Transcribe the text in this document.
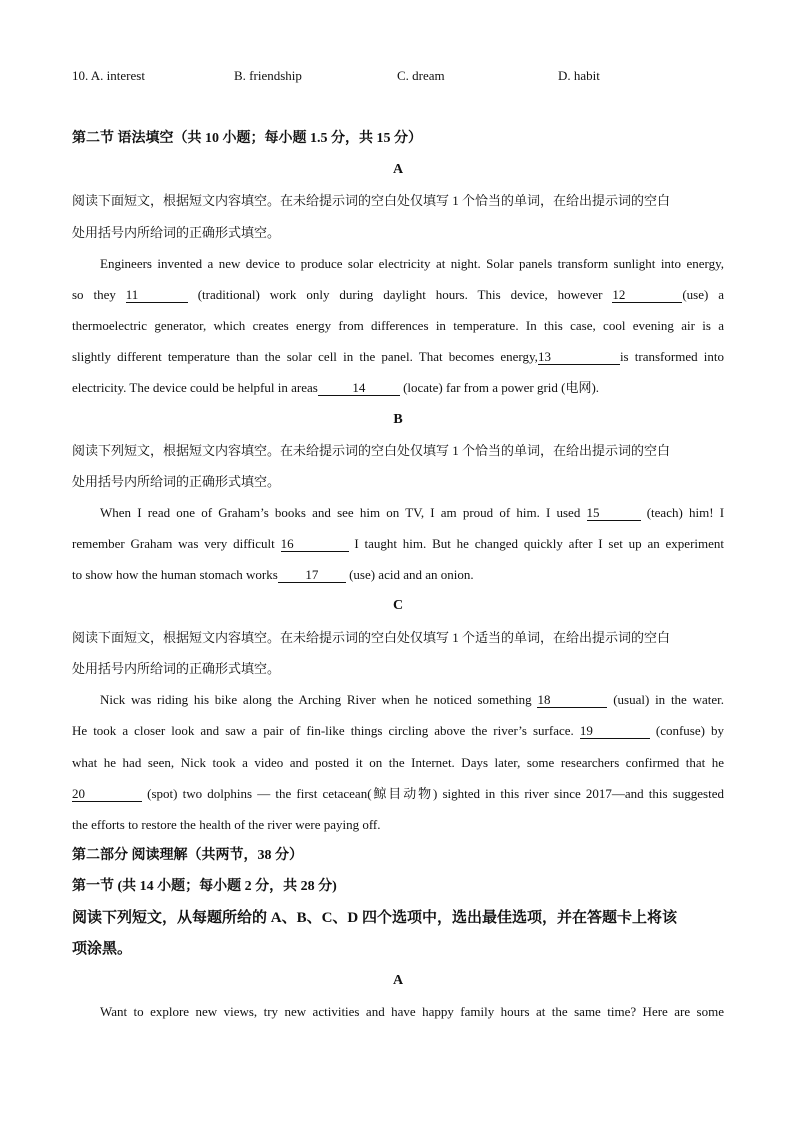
10. A. interest	B. friendship	C. dream	D. habit
第二节 语法填空（共 10 小题；每小题 1.5 分，共 15 分）
A
阅读下面短文，根据短文内容填空。在未给提示词的空白处仅填写 1 个恰当的单词，在给出提示词的空白
处用括号内所给词的正确形式填空。
Engineers invented a new device to produce solar electricity at night. Solar panels transform sunlight into energy,
so they 11	(traditional) work only during daylight hours. This device, however 12	(use) a
thermoelectric generator, which creates energy from differences in temperature. In this case, cool evening air is a
slightly different temperature than the solar cell in the panel. That becomes energy,13	is transformed into
electricity. The device could be helpful in areas	14	(locate) far from a power grid (电网).
B
阅读下列短文，根据短文内容填空。在未给提示词的空白处仅填写 1 个恰当的单词，在给出提示词的空白
处用括号内所给词的正确形式填空。
When I read one of Graham’s books and see him on TV, I am proud of him. I used 15	(teach) him! I
remember Graham was very difficult 16	I taught him. But he changed quickly after I set up an experiment
to show how the human stomach works 17 (use) acid and an onion.
C
阅读下面短文，根据短文内容填空。在未给提示词的空白处仅填写 1 个适当的单词，在给出提示词的空白
处用括号内所给词的正确形式填空。
Nick was riding his bike along the Arching River when he noticed something 18	(usual) in the water.
He took a closer look and saw a pair of fin-like things circling above the river’s surface. 19	(confuse) by
what he had seen, Nick took a video and posted it on the Internet. Days later, some researchers confirmed that he
20	(spot) two dolphins — the first cetacean(鲸目动物) sighted in this river since 2017—and this suggested
the efforts to restore the health of the river were paying off.
第二部分 阅读理解（共两节，38 分）
第一节 (共 14 小题；每小题 2 分，共 28 分)
阅读下列短文，从每题所给的 A、B、C、D 四个选项中，选出最佳选项，并在答题卡上将该
项涂黑。
A
Want to explore new views, try new activities and have happy family hours at the same time? Here are some
